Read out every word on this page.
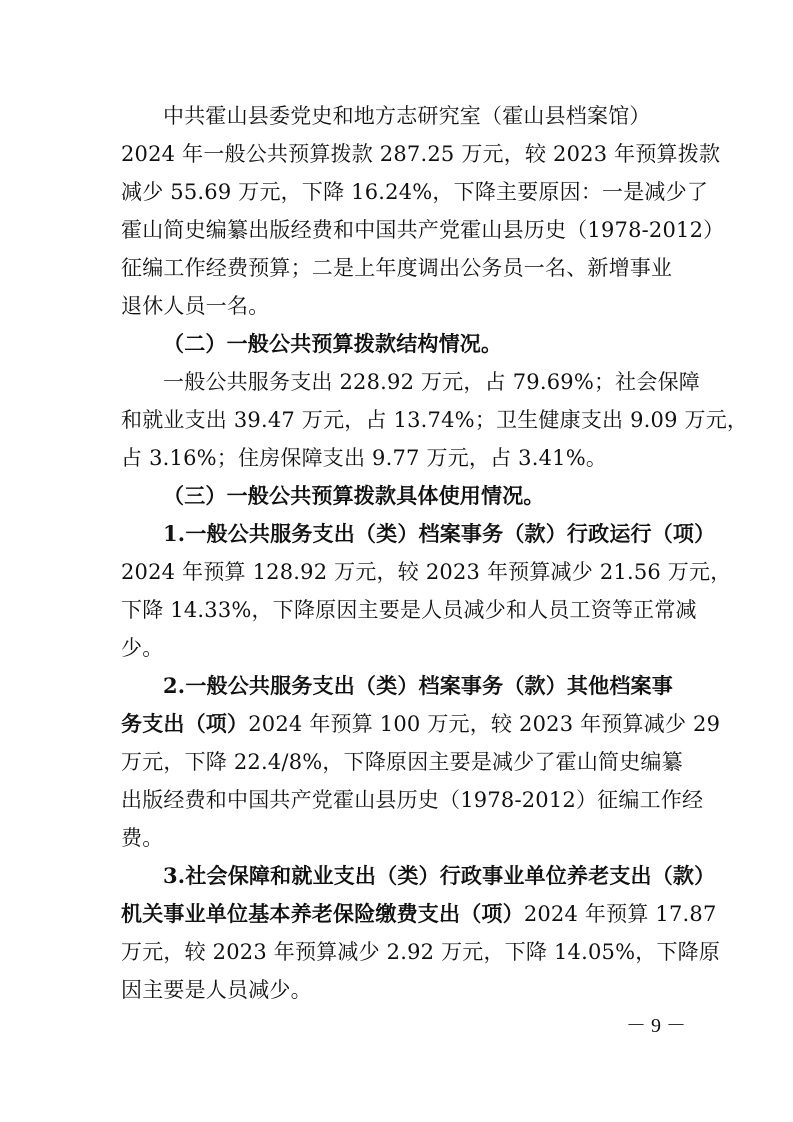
中共霍山县委党史和地方志研究室（霍山县档案馆）
2024 年一般公共预算拨款 287.25 万元，较 2023 年预算拨款
减少 55.69 万元，下降 16.24%，下降主要原因：一是减少了
霍山简史编纂出版经费和中国共产党霍山县历史（1978-2012）
征编工作经费预算；二是上年度调出公务员一名、新增事业
退休人员一名。
（二）一般公共预算拨款结构情况。
一般公共服务支出 228.92 万元，占 79.69%；社会保障
和就业支出 39.47 万元，占 13.74%；卫生健康支出 9.09 万元，
占 3.16%；住房保障支出 9.77 万元，占 3.41%。
（三）一般公共预算拨款具体使用情况。
1.一般公共服务支出（类）档案事务（款）行政运行（项）
2024 年预算 128.92 万元，较 2023 年预算减少 21.56 万元，
下降 14.33%，下降原因主要是人员减少和人员工资等正常减
少。
2.一般公共服务支出（类）档案事务（款）其他档案事
务支出（项）2024 年预算 100 万元，较 2023 年预算减少 29
万元，下降 22.4/8%，下降原因主要是减少了霍山简史编纂
出版经费和中国共产党霍山县历史（1978-2012）征编工作经
费。
3.社会保障和就业支出（类）行政事业单位养老支出（款）
机关事业单位基本养老保险缴费支出（项）2024 年预算 17.87
万元，较 2023 年预算减少 2.92 万元，下降 14.05%，下降原
因主要是人员减少。
－ 9 －
